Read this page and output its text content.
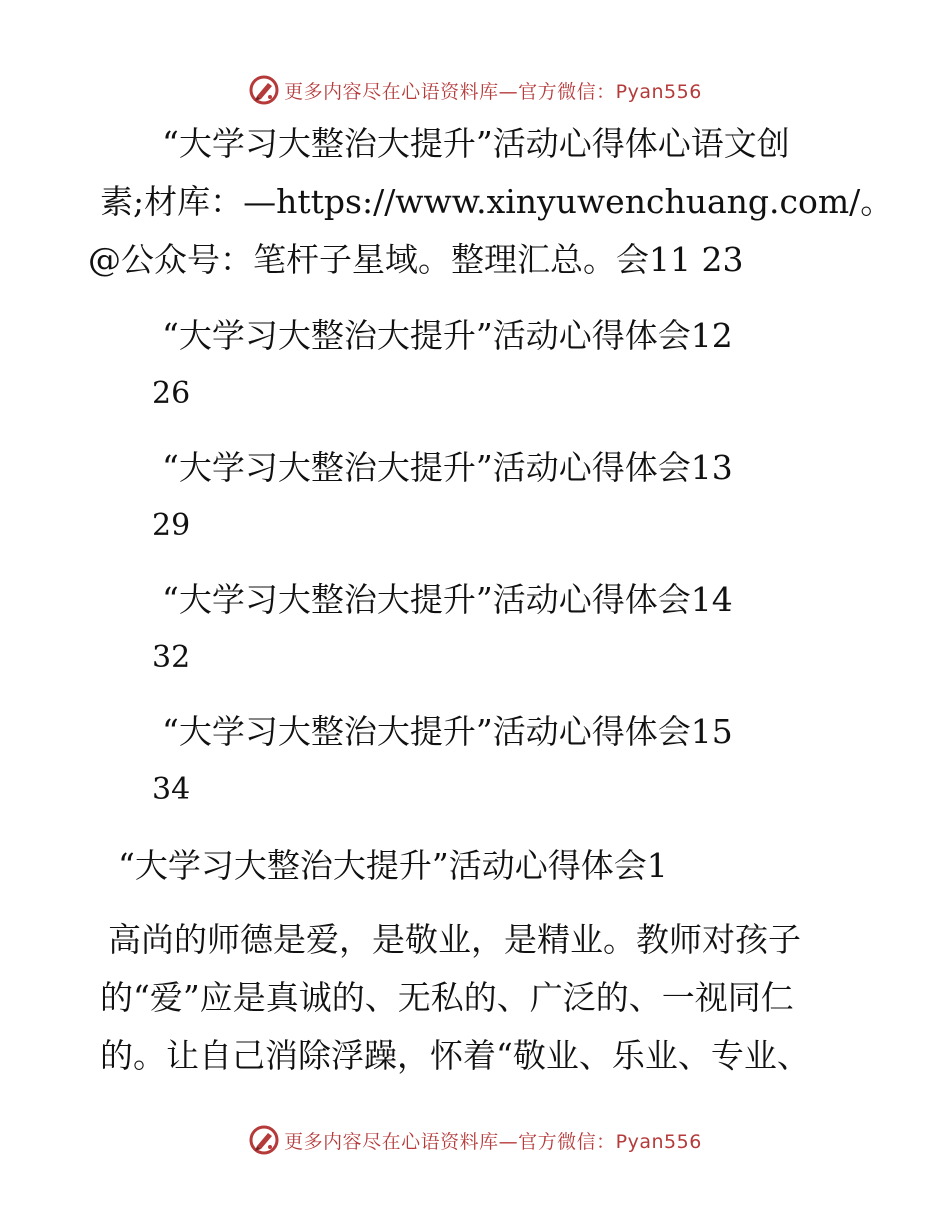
更多内容尽在心语资料库—官方微信：Pyan556
“大学习大整治大提升”活动心得体心语文创
素;材库：—https://www.xinyuwenchuang.com/。
@公众号：笔杆子星域。整理汇总。会11 23
“大学习大整治大提升”活动心得体会12
26
“大学习大整治大提升”活动心得体会13
29
“大学习大整治大提升”活动心得体会14
32
“大学习大整治大提升”活动心得体会15
34
“大学习大整治大提升”活动心得体会1
高尚的师德是爱，是敬业，是精业。教师对孩子
的“爱”应是真诚的、无私的、广泛的、一视同仁
的。让自己消除浮躁，怀着“敬业、乐业、专业、
更多内容尽在心语资料库—官方微信：Pyan556
